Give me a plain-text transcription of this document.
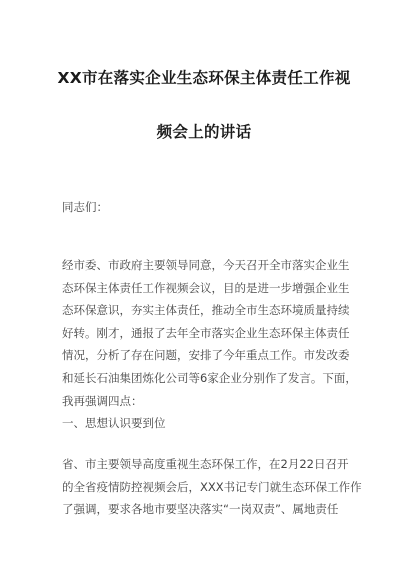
XX市在落实企业生态环保主体责任工作视
频会上的讲话
同志们：
经市委、市政府主要领导同意，今天召开全市落实企业生
态环保主体责任工作视频会议，目的是进一步增强企业生
态环保意识，夯实主体责任，推动全市生态环境质量持续
好转。刚才，通报了去年全市落实企业生态环保主体责任
情况，分析了存在问题，安排了今年重点工作。市发改委
和延长石油集团炼化公司等6家企业分别作了发言。下面，
我再强调四点：
一、思想认识要到位
省、市主要领导高度重视生态环保工作，在2月22日召开
的全省疫情防控视频会后，XXX书记专门就生态环保工作作
了强调，要求各地市要坚决落实“一岗双责”、属地责任
